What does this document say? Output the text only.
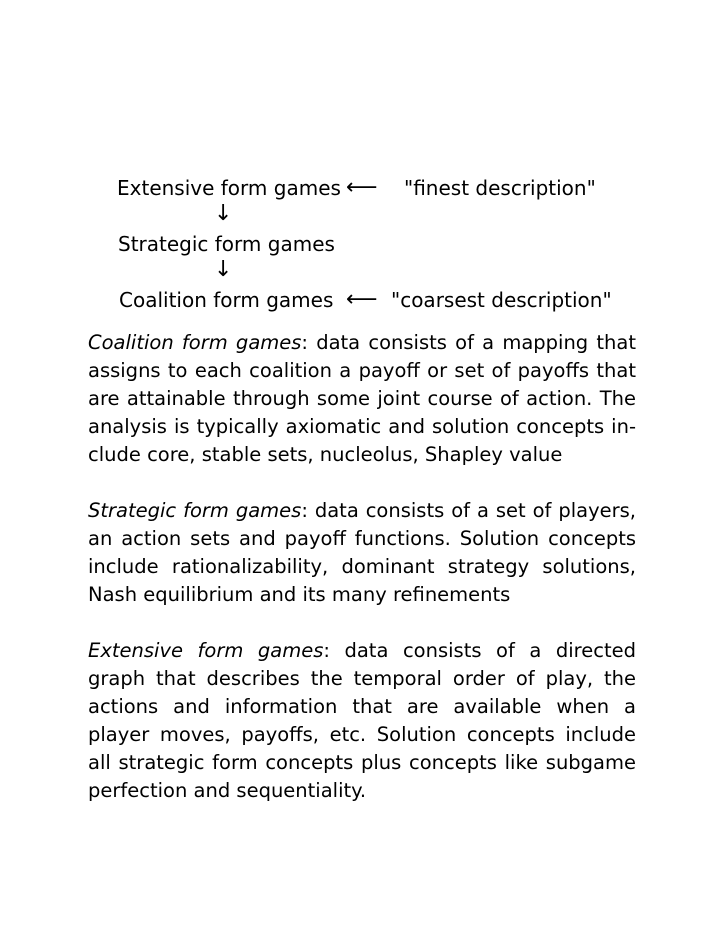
Extensive form games ⟵ "finest description"
↓
Strategic form games
↓
Coalition form games ⟵ "coarsest description"

Coalition form games: data consists of a mapping that assigns to each coalition a payoff or set of payoffs that are attainable through some joint course of action. The analysis is typically axiomatic and solution concepts include core, stable sets, nucleolus, Shapley value

Strategic form games: data consists of a set of players, an action sets and payoff functions. Solution concepts include rationalizability, dominant strategy solutions, Nash equilibrium and its many refinements

Extensive form games: data consists of a directed graph that describes the temporal order of play, the actions and information that are available when a player moves, payoffs, etc. Solution concepts include all strategic form concepts plus concepts like subgame perfection and sequentiality.
